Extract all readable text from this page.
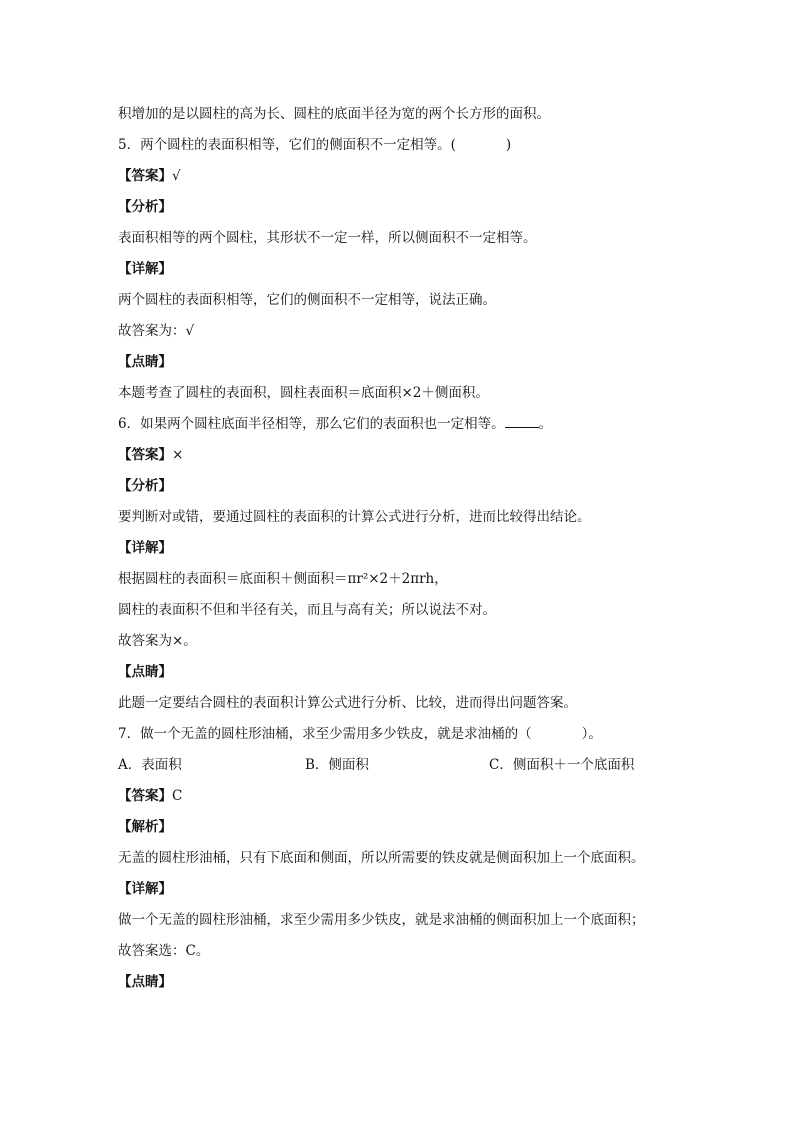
积增加的是以圆柱的高为长、圆柱的底面半径为宽的两个长方形的面积。
5．两个圆柱的表面积相等，它们的侧面积不一定相等。(	)
【答案】√
【分析】
表面积相等的两个圆柱，其形状不一定一样，所以侧面积不一定相等。
【详解】
两个圆柱的表面积相等，它们的侧面积不一定相等，说法正确。
故答案为：√
【点睛】
本题考查了圆柱的表面积，圆柱表面积＝底面积×2＋侧面积。
6．如果两个圆柱底面半径相等，那么它们的表面积也一定相等。	。
【答案】×
【分析】
要判断对或错，要通过圆柱的表面积的计算公式进行分析，进而比较得出结论。
【详解】
根据圆柱的表面积＝底面积＋侧面积＝πr²×2＋2πrh，
圆柱的表面积不但和半径有关，而且与高有关；所以说法不对。
故答案为×。
【点睛】
此题一定要结合圆柱的表面积计算公式进行分析、比较，进而得出问题答案。
7．做一个无盖的圆柱形油桶，求至少需用多少铁皮，就是求油桶的（	）。
A．表面积	B．侧面积	C．侧面积＋一个底面积
【答案】C
【解析】
无盖的圆柱形油桶，只有下底面和侧面，所以所需要的铁皮就是侧面积加上一个底面积。
【详解】
做一个无盖的圆柱形油桶，求至少需用多少铁皮，就是求油桶的侧面积加上一个底面积；
故答案选：C。
【点睛】
